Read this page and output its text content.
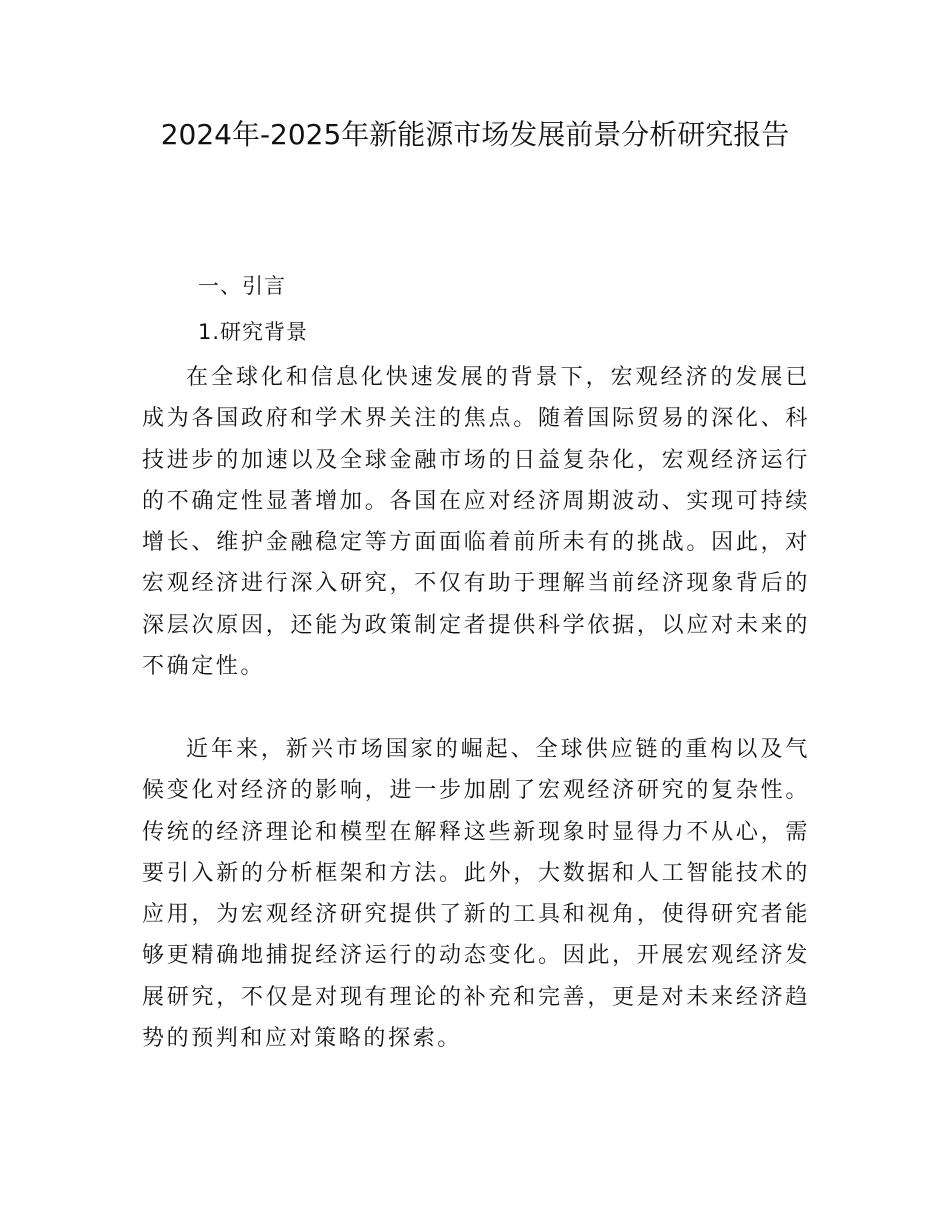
2024年-2025年新能源市场发展前景分析研究报告
一、引言
1.研究背景

在全球化和信息化快速发展的背景下，宏观经济的发展已成为各国政府和学术界关注的焦点。随着国际贸易的深化、科技进步的加速以及全球金融市场的日益复杂化，宏观经济运行的不确定性显著增加。各国在应对经济周期波动、实现可持续增长、维护金融稳定等方面面临着前所未有的挑战。因此，对宏观经济进行深入研究，不仅有助于理解当前经济现象背后的深层次原因，还能为政策制定者提供科学依据，以应对未来的不确定性。

近年来，新兴市场国家的崛起、全球供应链的重构以及气候变化对经济的影响，进一步加剧了宏观经济研究的复杂性。传统的经济理论和模型在解释这些新现象时显得力不从心，需要引入新的分析框架和方法。此外，大数据和人工智能技术的应用，为宏观经济研究提供了新的工具和视角，使得研究者能够更精确地捕捉经济运行的动态变化。因此，开展宏观经济发展研究，不仅是对现有理论的补充和完善，更是对未来经济趋势的预判和应对策略的探索。
